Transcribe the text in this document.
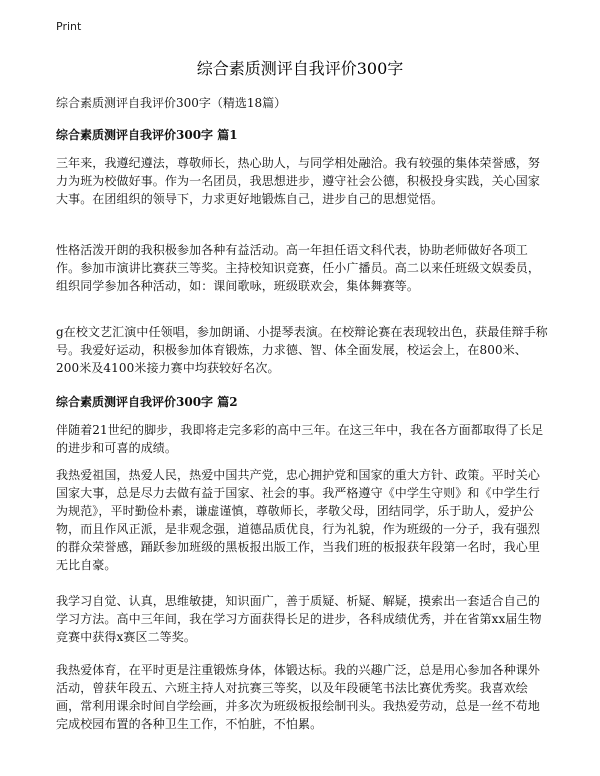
Print
综合素质测评自我评价300字

综合素质测评自我评价300字（精选18篇）

综合素质测评自我评价300字 篇1

三年来，我遵纪遵法，尊敬师长，热心助人，与同学相处融洽。我有较强的集体荣誉感，努力为班为校做好事。作为一名团员，我思想进步，遵守社会公德，积极投身实践，关心国家大事。在团组织的领导下，力求更好地锻炼自己，进步自己的思想觉悟。

性格活泼开朗的我积极参加各种有益活动。高一年担任语文科代表，协助老师做好各项工作。参加市演讲比赛获三等奖。主持校知识竞赛，任小广播员。高二以来任班级文娱委员，组织同学参加各种活动，如：课间歌咏，班级联欢会，集体舞赛等。

g在校文艺汇演中任领唱，参加朗诵、小提琴表演。在校辩论赛在表现较出色，获最佳辩手称号。我爱好运动，积极参加体育锻炼，力求德、智、体全面发展，校运会上，在800米、200米及4100米接力赛中均获较好名次。

综合素质测评自我评价300字 篇2

伴随着21世纪的脚步，我即将走完多彩的高中三年。在这三年中，我在各方面都取得了长足的进步和可喜的成绩。

我热爱祖国，热爱人民，热爱中国共产党，忠心拥护党和国家的重大方针、政策。平时关心国家大事，总是尽力去做有益于国家、社会的事。我严格遵守《中学生守则》和《中学生行为规范》，平时勤俭朴素，谦虚谨慎，尊敬师长，孝敬父母，团结同学，乐于助人，爱护公物，而且作风正派，是非观念强，道德品质优良，行为礼貌，作为班级的一分子，我有强烈的群众荣誉感，踊跃参加班级的黑板报出版工作，当我们班的板报获年段第一名时，我心里无比自豪。

我学习自觉、认真，思维敏捷，知识面广，善于质疑、析疑、解疑，摸索出一套适合自己的学习方法。高中三年间，我在学习方面获得长足的进步，各科成绩优秀，并在省第xx届生物竞赛中获得x赛区二等奖。

我热爱体育，在平时更是注重锻炼身体，体锻达标。我的兴趣广泛，总是用心参加各种课外活动，曾获年段五、六班主持人对抗赛三等奖，以及年段硬笔书法比赛优秀奖。我喜欢绘画，常利用课余时间自学绘画，并多次为班级板报绘制刊头。我热爱劳动，总是一丝不苟地完成校园布置的各种卫生工作，不怕脏，不怕累。
